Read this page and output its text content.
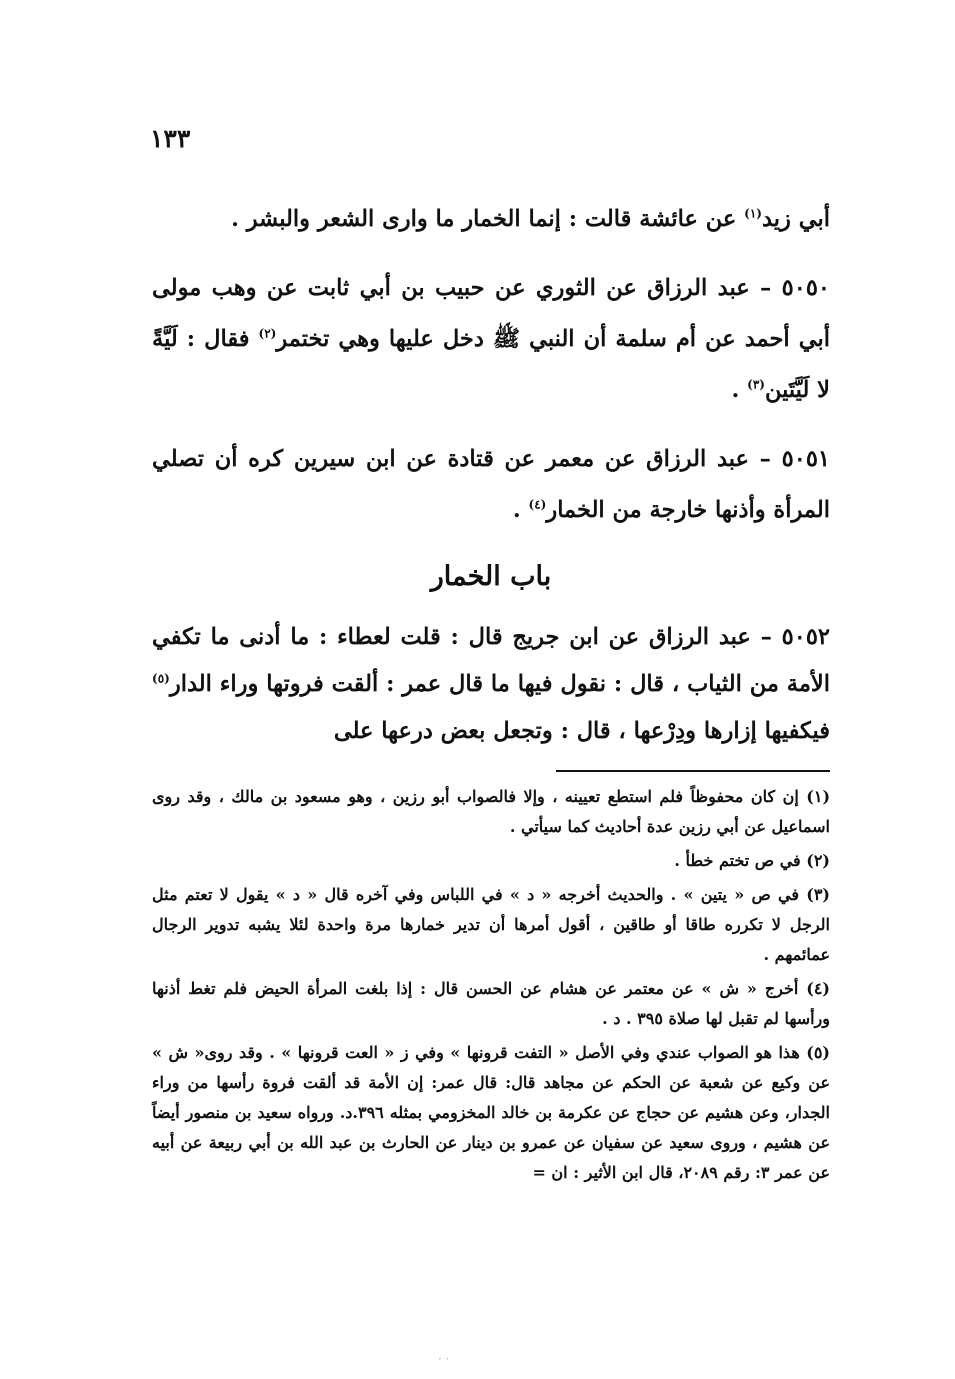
١٣٣

أبي زيد$^{(١)}$ عن عائشة قالت : إنما الخمار ما وارى الشعر والبشر .

٥٠٥٠ – عبد الرزاق عن الثوري عن حبيب بن أبي ثابت عن وهب مولى أبي أحمد عن أم سلمة أن النبي ﷺ دخل عليها وهي تختمر$^{(٢)}$ فقال : لَيَّةً لا لَيَّتَين$^{(٣)}$ .

٥٠٥١ – عبد الرزاق عن معمر عن قتادة عن ابن سيرين كره أن تصلي المرأة وأذنها خارجة من الخمار$^{(٤)}$ .

باب الخمار

٥٠٥٢ – عبد الرزاق عن ابن جريج قال : قلت لعطاء : ما أدنى ما تكفي الأمة من الثياب ، قال : نقول فيها ما قال عمر : ألقت فروتها وراء الدار$^{(٥)}$ فيكفيها إزارها ودِرْعها ، قال : وتجعل بعض درعها على

(١) إن كان محفوظاً فلم استطع تعيينه ، وإلا فالصواب أبو رزين ، وهو مسعود بن مالك ، وقد روى اسماعيل عن أبي رزين عدة أحاديث كما سيأتي .

(٢) في ص تختم خطأ .

(٣) في ص « يتين » . والحديث أخرجه « د » في اللباس وفي آخره قال « د » يقول لا تعتم مثل الرجل لا تكرره طاقا أو طاقين ، أقول أمرها أن تدير خمارها مرة واحدة لئلا يشبه تدوير الرجال عمائمهم .

(٤) أخرج « ش » عن معتمر عن هشام عن الحسن قال : إذا بلغت المرأة الحيض فلم تغط أذنها ورأسها لم تقبل لها صلاة ٣٩٥ . د .

(٥) هذا هو الصواب عندي وفي الأصل « التفت قرونها » وفي ز « العت قرونها » . وقد روى« ش » عن وكيع عن شعبة عن الحكم عن مجاهد قال: قال عمر: إن الأمة قد ألقت فروة رأسها من وراء الجدار، وعن هشيم عن حجاج عن عكرمة بن خالد المخزومي بمثله ٣٩٦.د. ورواه سعيد بن منصور أيضاً عن هشيم ، وروى سعيد عن سفيان عن عمرو بن دينار عن الحارث بن عبد الله بن أبي ربيعة عن أبيه عن عمر ٣: رقم ٢٠٨٩، قال ابن الأثير : ان =

· ·
